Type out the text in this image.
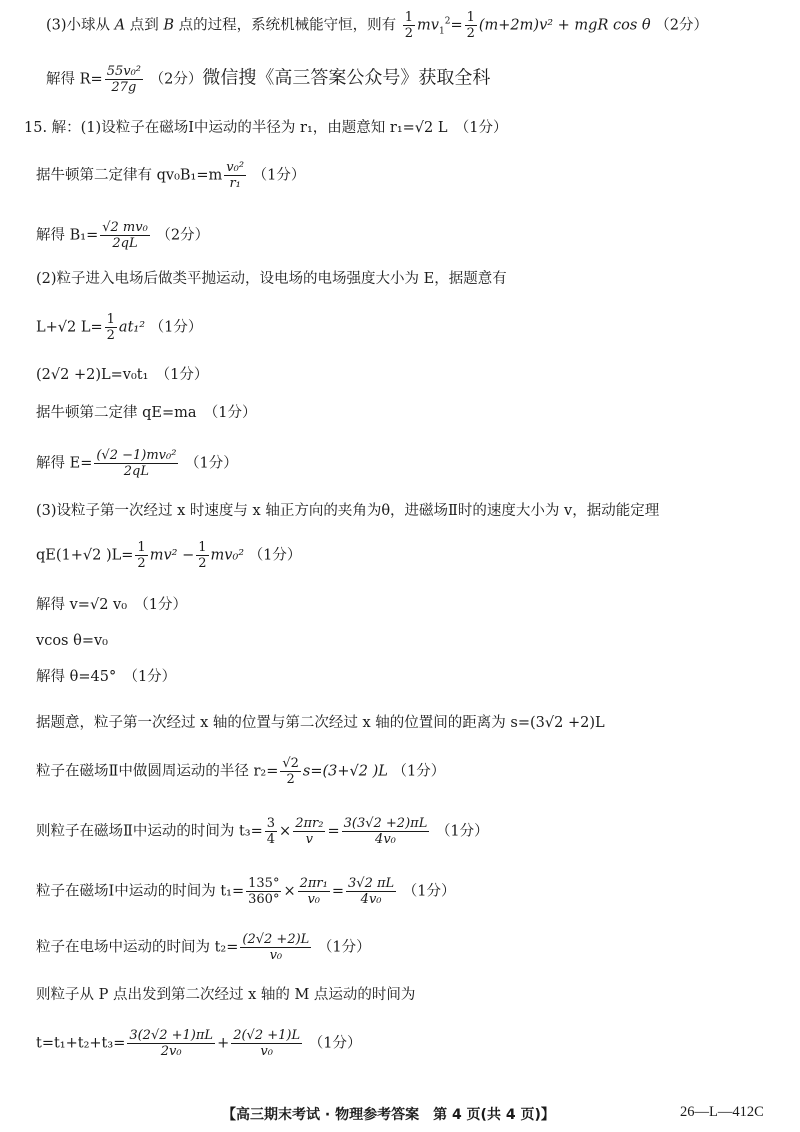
(3)小球从 A 点到 B 点的过程，系统机械能守恒，则有 $\frac{1}{2} mv_1^2= \frac{1}{2} (m+2m)v^2$ + mgR cos θ （2分）
解得 $R= \frac{\text{55v₀²}}{27g} (2$分）微信搜《高三答案公众号》获取全科
15. 解：(1)设粒子在磁场Ⅰ中运动的半径为 r₁，由题意知 r₁=√2 L　（1分）
据牛顿第二定律有 $qv_0B_1=m \frac{\text{v₀²}}{\text{r₁}} (1$分）
解得 $B_1= \frac{\text{√2 mv₀}}{2qL} (2$分）
(2)粒子进入电场后做类平抛运动，设电场的电场强度大小为 E，据题意有
L+√2 $L= \frac{1}{2} at_1^2$ （1分）
(2√2 +2)L=v₀t₁　（1分）
据牛顿第二定律 qE=ma　（1分）
解得 $E= \frac{\text{(√2 −1)mv₀²}}{2qL} (1$分）
(3)设粒子第一次经过 x 时速度与 x 轴正方向的夹角为θ，进磁场Ⅱ时的速度大小为 v，据动能定理
qE(1+√2 )$L= \frac{1}{2} mv^2 - \frac{1}{2} mv_0^2$ （1分）
解得 v=√2 v₀　（1分）
vcos θ=v₀
解得 θ=45°　（1分）
据题意，粒子第一次经过 x 轴的位置与第二次经过 x 轴的位置间的距离为 s=(3√2 +2)L
粒子在磁场Ⅱ中做圆周运动的半径 $r_2= \frac{√2}{2} s=(3+√2$ )L （1分）
则粒子在磁场Ⅱ中运动的时间为 $t_3= \frac{3}{4} \times \frac{\text{2πr₂}}{v} = \frac{3(3√2 +2)\pi L}{\text{4v₀}} (1$分）
粒子在磁场Ⅰ中运动的时间为 $t_1= \frac{135^\circ}{360^\circ} \times \frac{\text{2πr₁}}{\text{v₀}} = \frac{3√2 \pi L}{\text{4v₀}} (1$分）
粒子在电场中运动的时间为 $t_2= \frac{(2√2 +2)L}{\text{v₀}} (1$分）
则粒子从 P 点出发到第二次经过 x 轴的 M 点运动的时间为
$t=t_1+t_2+t_3= \frac{3(2√2 +1)\pi L}{\text{2v₀}} + \frac{2(√2 +1)L}{\text{v₀}} (1$分）
【高三期末考试 · 物理参考答案　第 4 页(共 4 页)】	26—L—412C
